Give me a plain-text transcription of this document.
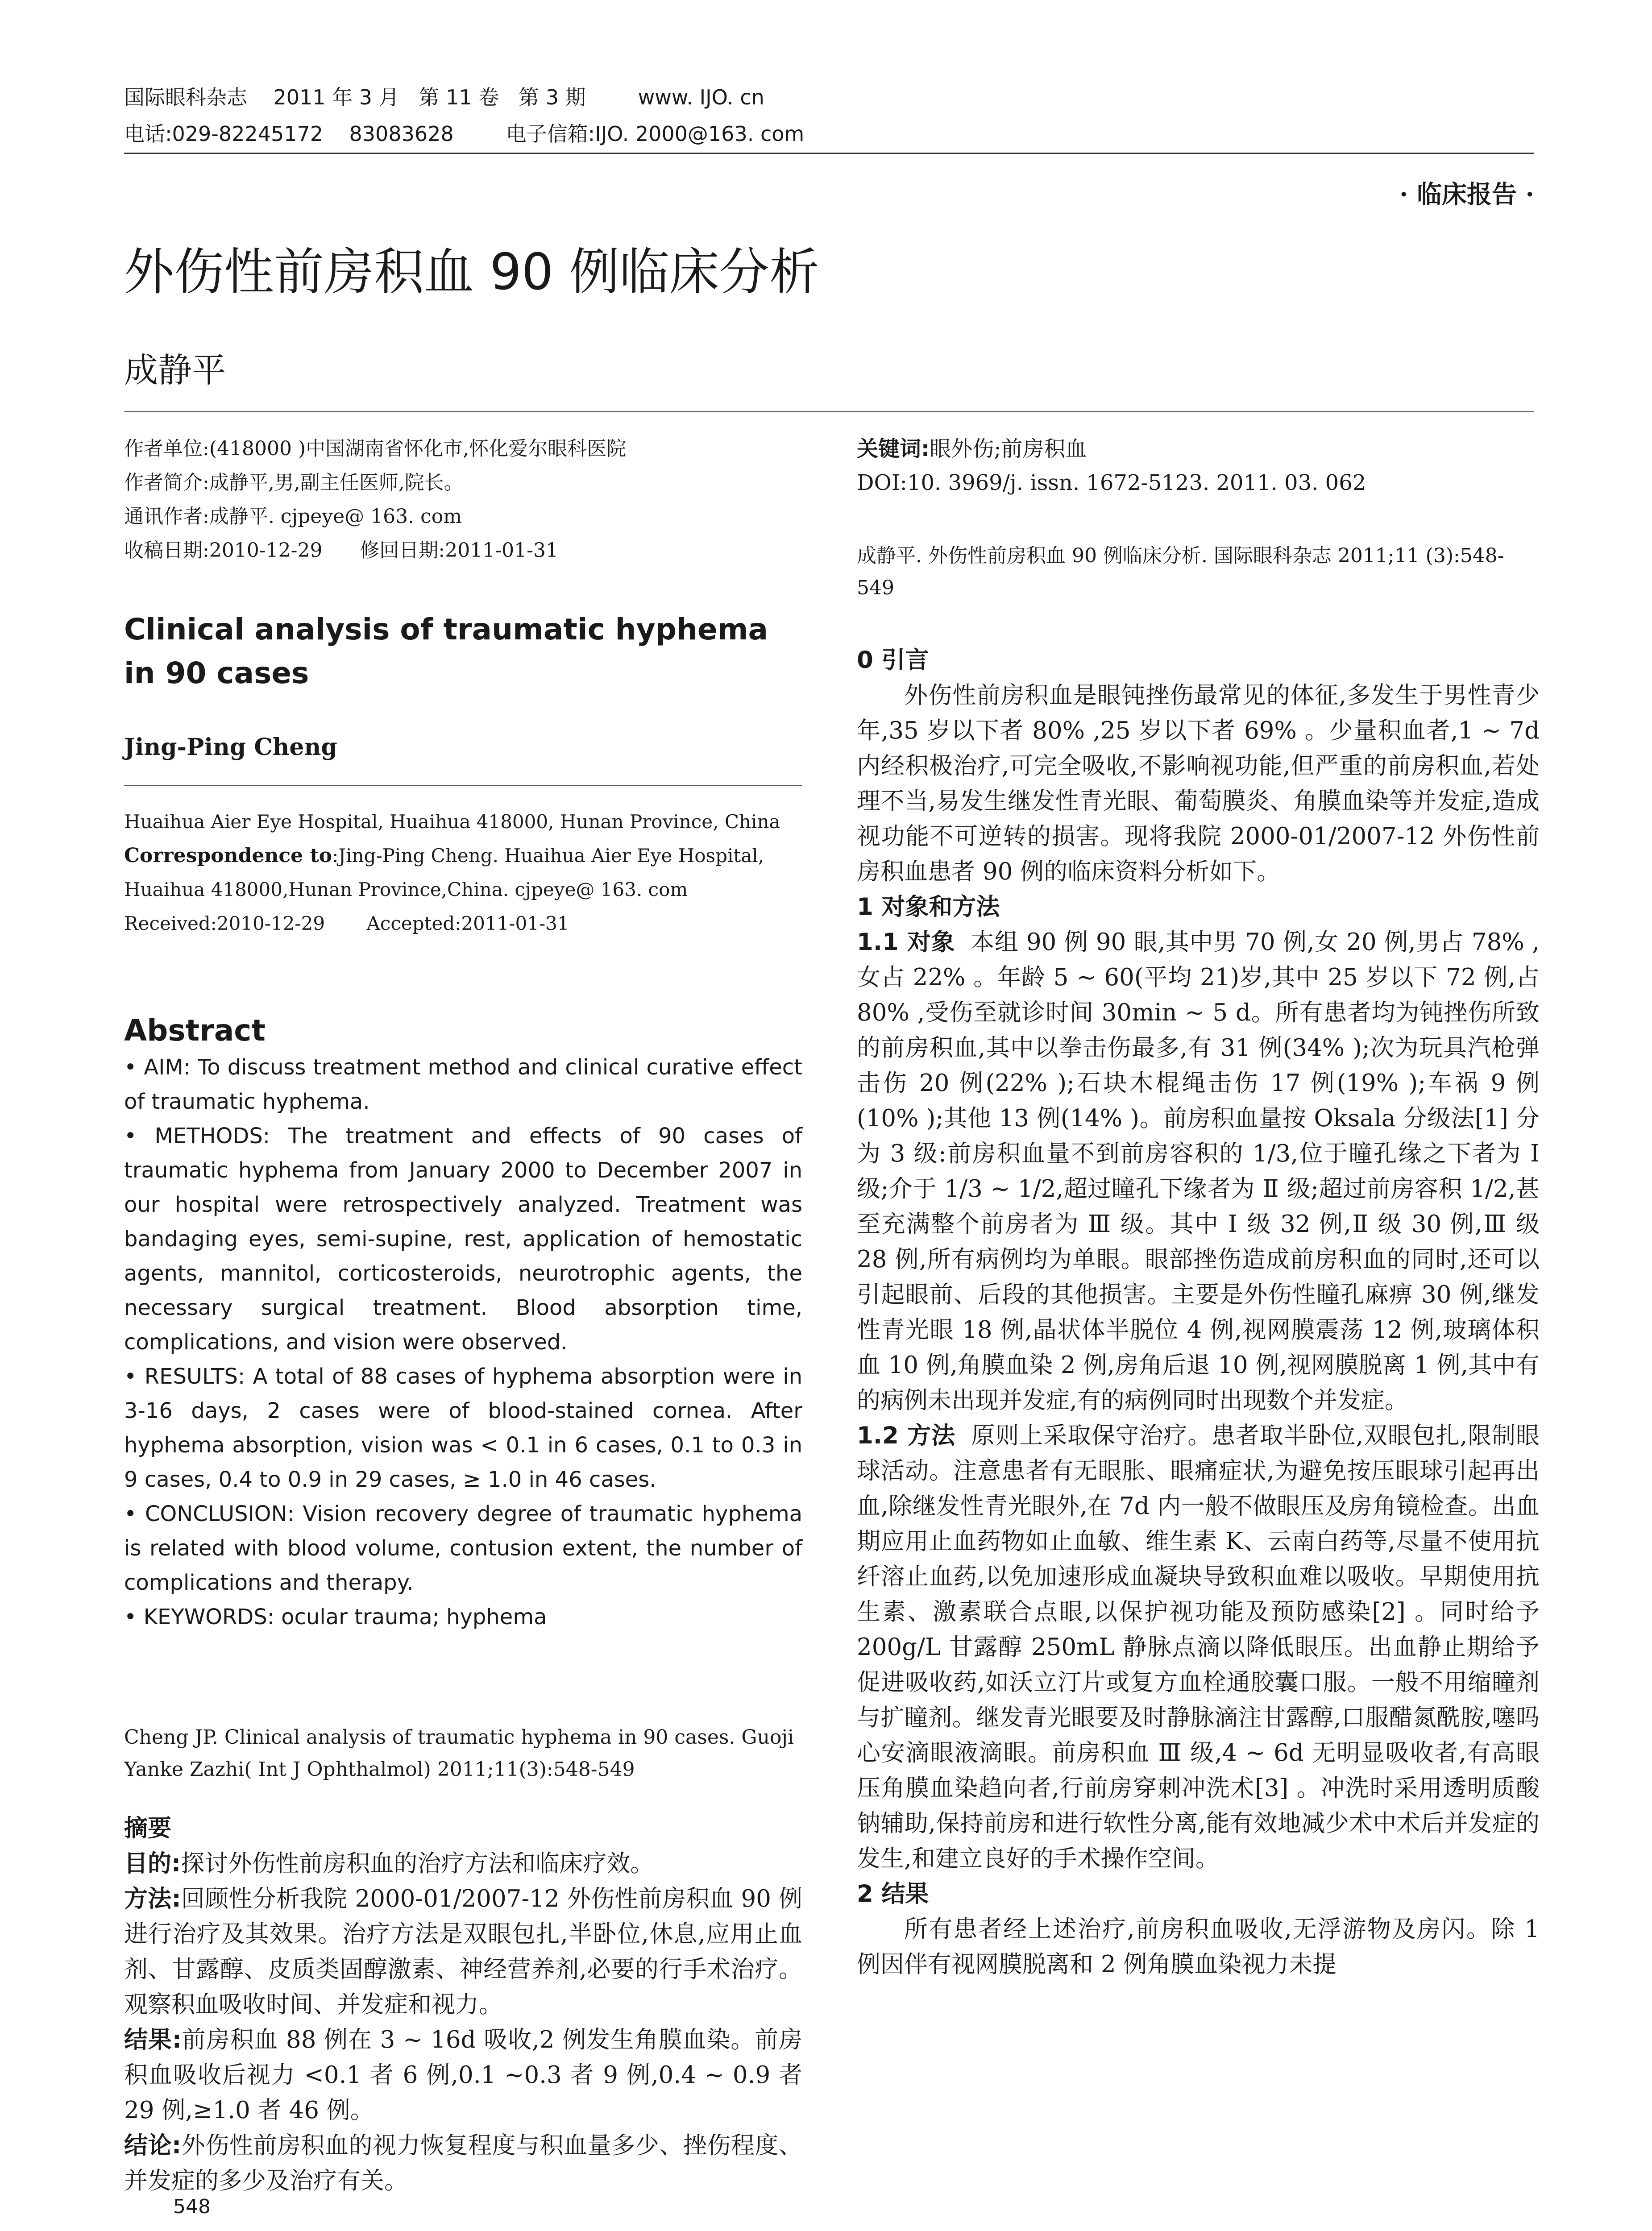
国际眼科杂志    2011 年 3 月   第 11 卷   第 3 期        www. IJO. cn
电话:029-82245172    83083628        电子信箱:IJO. 2000@163. com
· 临床报告 ·
外伤性前房积血 90 例临床分析
成静平
作者单位:(418000 )中国湖南省怀化市,怀化爱尔眼科医院
作者简介:成静平,男,副主任医师,院长。
通讯作者:成静平. cjpeye@ 163. com
收稿日期:2010-12-29      修回日期:2011-01-31
Clinical analysis of traumatic hyphema in 90 cases
Jing-Ping Cheng
Huaihua Aier Eye Hospital, Huaihua 418000, Hunan Province, China
Correspondence to:Jing-Ping Cheng. Huaihua Aier Eye Hospital, Huaihua 418000,Hunan Province,China. cjpeye@ 163. com
Received:2010-12-29       Accepted:2011-01-31
Abstract

• AIM: To discuss treatment method and clinical curative effect of traumatic hyphema.

• METHODS: The treatment and effects of 90 cases of traumatic hyphema from January 2000 to December 2007 in our hospital were retrospectively analyzed. Treatment was bandaging eyes, semi-supine, rest, application of hemostatic agents, mannitol, corticosteroids, neurotrophic agents, the necessary surgical treatment. Blood absorption time, complications, and vision were observed.

• RESULTS: A total of 88 cases of hyphema absorption were in 3-16 days, 2 cases were of blood-stained cornea. After hyphema absorption, vision was < 0.1 in 6 cases, 0.1 to 0.3 in 9 cases, 0.4 to 0.9 in 29 cases, ≥ 1.0 in 46 cases.

• CONCLUSION: Vision recovery degree of traumatic hyphema is related with blood volume, contusion extent, the number of complications and therapy.

• KEYWORDS: ocular trauma; hyphema

Cheng JP. Clinical analysis of traumatic hyphema in 90 cases. Guoji Yanke Zazhi( Int J Ophthalmol) 2011;11(3):548-549

摘要

目的:探讨外伤性前房积血的治疗方法和临床疗效。

方法:回顾性分析我院 2000-01/2007-12 外伤性前房积血 90 例进行治疗及其效果。治疗方法是双眼包扎,半卧位,休息,应用止血剂、甘露醇、皮质类固醇激素、神经营养剂,必要的行手术治疗。观察积血吸收时间、并发症和视力。

结果:前房积血 88 例在 3 ~ 16d 吸收,2 例发生角膜血染。前房积血吸收后视力 <0.1 者 6 例,0.1 ~0.3 者 9 例,0.4 ~ 0.9 者 29 例,≥1.0 者 46 例。

结论:外伤性前房积血的视力恢复程度与积血量多少、挫伤程度、并发症的多少及治疗有关。

关键词:眼外伤;前房积血
DOI:10. 3969/j. issn. 1672-5123. 2011. 03. 062
成静平. 外伤性前房积血 90 例临床分析. 国际眼科杂志 2011;11 (3):548-549

0 引言

外伤性前房积血是眼钝挫伤最常见的体征,多发生于男性青少年,35 岁以下者 80% ,25 岁以下者 69% 。少量积血者,1 ~ 7d 内经积极治疗,可完全吸收,不影响视功能,但严重的前房积血,若处理不当,易发生继发性青光眼、葡萄膜炎、角膜血染等并发症,造成视功能不可逆转的损害。现将我院 2000-01/2007-12 外伤性前房积血患者 90 例的临床资料分析如下。

1 对象和方法

1.1 对象 本组 90 例 90 眼,其中男 70 例,女 20 例,男占 78% ,女占 22% 。年龄 5 ~ 60(平均 21)岁,其中 25 岁以下 72 例,占 80% ,受伤至就诊时间 30min ~ 5 d。所有患者均为钝挫伤所致的前房积血,其中以拳击伤最多,有 31 例(34% );次为玩具汽枪弹击伤 20 例(22% );石块木棍绳击伤 17 例(19% );车祸 9 例(10% );其他 13 例(14% )。前房积血量按 Oksala 分级法[1] 分为 3 级:前房积血量不到前房容积的 1/3,位于瞳孔缘之下者为 I 级;介于 1/3 ~ 1/2,超过瞳孔下缘者为 Ⅱ 级;超过前房容积 1/2,甚至充满整个前房者为 Ⅲ 级。其中 Ⅰ 级 32 例,Ⅱ 级 30 例,Ⅲ 级 28 例,所有病例均为单眼。眼部挫伤造成前房积血的同时,还可以引起眼前、后段的其他损害。主要是外伤性瞳孔麻痹 30 例,继发性青光眼 18 例,晶状体半脱位 4 例,视网膜震荡 12 例,玻璃体积血 10 例,角膜血染 2 例,房角后退 10 例,视网膜脱离 1 例,其中有的病例未出现并发症,有的病例同时出现数个并发症。

1.2 方法 原则上采取保守治疗。患者取半卧位,双眼包扎,限制眼球活动。注意患者有无眼胀、眼痛症状,为避免按压眼球引起再出血,除继发性青光眼外,在 7d 内一般不做眼压及房角镜检查。出血期应用止血药物如止血敏、维生素 K、云南白药等,尽量不使用抗纤溶止血药,以免加速形成血凝块导致积血难以吸收。早期使用抗生素、激素联合点眼,以保护视功能及预防感染[2] 。同时给予 200g/L 甘露醇 250mL 静脉点滴以降低眼压。出血静止期给予促进吸收药,如沃立汀片或复方血栓通胶囊口服。一般不用缩瞳剂与扩瞳剂。继发青光眼要及时静脉滴注甘露醇,口服醋氮酰胺,噻吗心安滴眼液滴眼。前房积血 Ⅲ 级,4 ~ 6d 无明显吸收者,有高眼压角膜血染趋向者,行前房穿刺冲洗术[3] 。冲洗时采用透明质酸钠辅助,保持前房和进行软性分离,能有效地减少术中术后并发症的发生,和建立良好的手术操作空间。

2 结果

所有患者经上述治疗,前房积血吸收,无浮游物及房闪。除 1 例因伴有视网膜脱离和 2 例角膜血染视力未提

548
